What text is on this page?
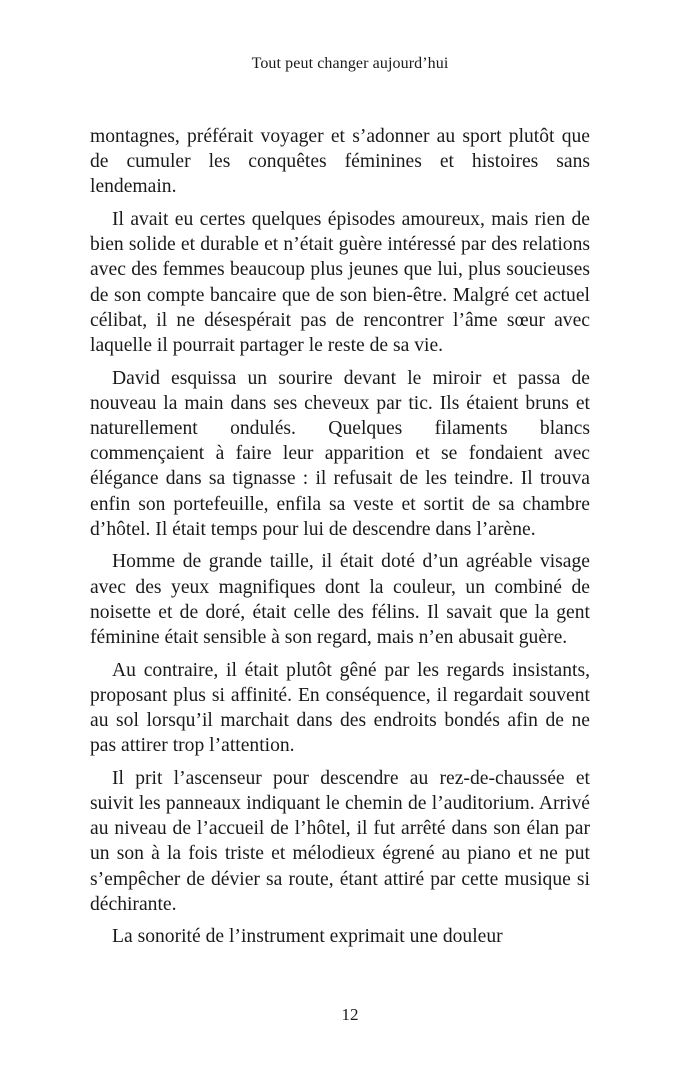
Tout peut changer aujourd’hui

montagnes, préférait voyager et s’adonner au sport plutôt que de cumuler les conquêtes féminines et histoires sans lendemain.

Il avait eu certes quelques épisodes amoureux, mais rien de bien solide et durable et n’était guère intéressé par des relations avec des femmes beaucoup plus jeunes que lui, plus soucieuses de son compte bancaire que de son bien-être. Malgré cet actuel célibat, il ne désespérait pas de rencontrer l’âme sœur avec laquelle il pourrait partager le reste de sa vie.

David esquissa un sourire devant le miroir et passa de nouveau la main dans ses cheveux par tic. Ils étaient bruns et naturellement ondulés. Quelques filaments blancs commençaient à faire leur apparition et se fondaient avec élégance dans sa tignasse : il refusait de les teindre. Il trouva enfin son portefeuille, enfila sa veste et sortit de sa chambre d’hôtel. Il était temps pour lui de descendre dans l’arène.

Homme de grande taille, il était doté d’un agréable visage avec des yeux magnifiques dont la couleur, un combiné de noisette et de doré, était celle des félins. Il savait que la gent féminine était sensible à son regard, mais n’en abusait guère.

Au contraire, il était plutôt gêné par les regards insistants, proposant plus si affinité. En conséquence, il regardait souvent au sol lorsqu’il marchait dans des endroits bondés afin de ne pas attirer trop l’attention.

Il prit l’ascenseur pour descendre au rez-de-chaussée et suivit les panneaux indiquant le chemin de l’auditorium. Arrivé au niveau de l’accueil de l’hôtel, il fut arrêté dans son élan par un son à la fois triste et mélodieux égrené au piano et ne put s’empêcher de dévier sa route, étant attiré par cette musique si déchirante.

La sonorité de l’instrument exprimait une douleur

12
